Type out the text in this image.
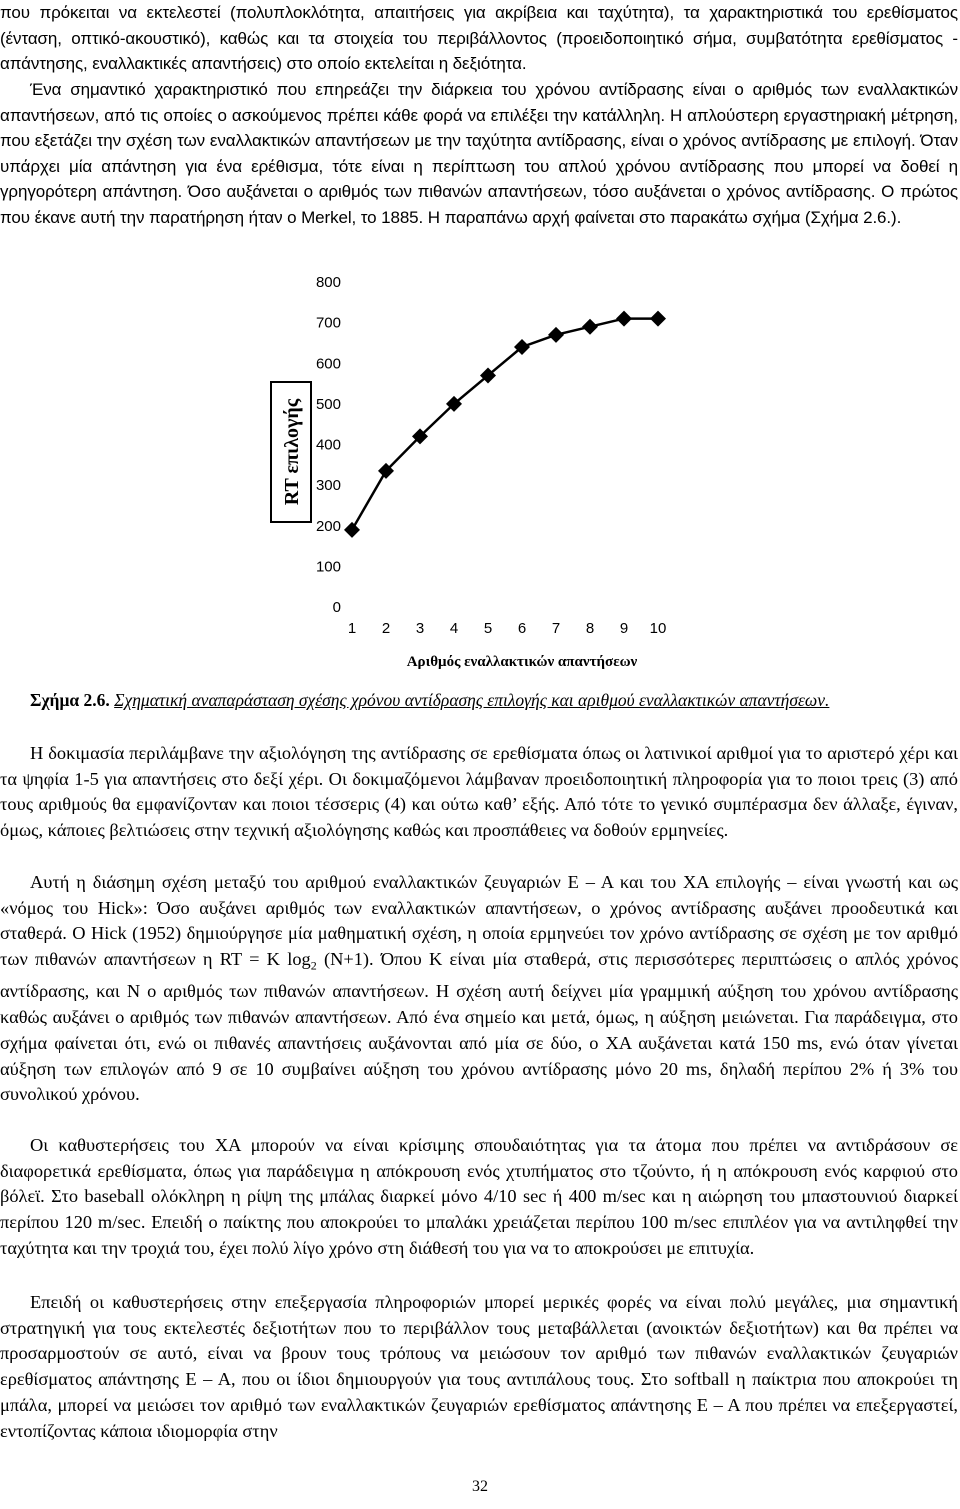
που πρόκειται να εκτελεστεί (πολυπλοκλότητα, απαιτήσεις για ακρίβεια και ταχύτητα), τα χαρακτηριστικά του ερεθίσματος (ένταση, οπτικό-ακουστικό), καθώς και τα στοιχεία του περιβάλλοντος (προειδοποιητικό σήμα, συμβατότητα ερεθίσματος - απάντησης, εναλλακτικές απαντήσεις) στο οποίο εκτελείται η δεξιότητα.

Ένα σημαντικό χαρακτηριστικό που επηρεάζει την διάρκεια του χρόνου αντίδρασης είναι ο αριθμός των εναλλακτικών απαντήσεων, από τις οποίες ο ασκούμενος πρέπει κάθε φορά να επιλέξει την κατάλληλη. Η απλούστερη εργαστηριακή μέτρηση, που εξετάζει την σχέση των εναλλακτικών απαντήσεων με την ταχύτητα αντίδρασης, είναι ο χρόνος αντίδρασης με επιλογή. Όταν υπάρχει μία απάντηση για ένα ερέθισμα, τότε είναι η περίπτωση του απλού χρόνου αντίδρασης που μπορεί να δοθεί η γρηγορότερη απάντηση. Όσο αυξάνεται ο αριθμός των πιθανών απαντήσεων, τόσο αυξάνεται ο χρόνος αντίδρασης. Ο πρώτος που έκανε αυτή την παρατήρηση ήταν ο Merkel, το 1885. Η παραπάνω αρχή φαίνεται στο παρακάτω σχήμα (Σχήμα 2.6.).

RT επιλογής
0
100
200
300
400
500
600
700
800
1 2 3 4 5 6 7 8 9 10
Αριθμός εναλλακτικών απαντήσεων
Σχήμα 2.6. Σχηματική αναπαράσταση σχέσης χρόνου αντίδρασης επιλογής και αριθμού εναλλακτικών απαντήσεων.

Η δοκιμασία περιλάμβανε την αξιολόγηση της αντίδρασης σε ερεθίσματα όπως οι λατινικοί αριθμοί για το αριστερό χέρι και τα ψηφία 1-5 για απαντήσεις στο δεξί χέρι. Οι δοκιμαζόμενοι λάμβαναν προειδοποιητική πληροφορία για το ποιοι τρεις (3) από τους αριθμούς θα εμφανίζονταν και ποιοι τέσσερις (4) και ούτω καθ’ εξής. Από τότε το γενικό συμπέρασμα δεν άλλαξε, έγιναν, όμως, κάποιες βελτιώσεις στην τεχνική αξιολόγησης καθώς και προσπάθειες να δοθούν ερμηνείες.

Αυτή η διάσημη σχέση μεταξύ του αριθμού εναλλακτικών ζευγαριών Ε – Α και του ΧΑ επιλογής – είναι γνωστή και ως «νόμος του Hick»: Όσο αυξάνει αριθμός των εναλλακτικών απαντήσεων, ο χρόνος αντίδρασης αυξάνει προοδευτικά και σταθερά. Ο Hick (1952) δημιούργησε μία μαθηματική σχέση, η οποία ερμηνεύει τον χρόνο αντίδρασης σε σχέση με τον αριθμό των πιθανών απαντήσεων η RT = K $\log_2 (N+1)$. Όπου K είναι μία σταθερά, στις περισσότερες περιπτώσεις ο απλός χρόνος αντίδρασης, και N ο αριθμός των πιθανών απαντήσεων. Η σχέση αυτή δείχνει μία γραμμική αύξηση του χρόνου αντίδρασης καθώς αυξάνει ο αριθμός των πιθανών απαντήσεων. Από ένα σημείο και μετά, όμως, η αύξηση μειώνεται. Για παράδειγμα, στο σχήμα φαίνεται ότι, ενώ οι πιθανές απαντήσεις αυξάνονται από μία σε δύο, ο ΧΑ αυξάνεται κατά 150 ms, ενώ όταν γίνεται αύξηση των επιλογών από 9 σε 10 συμβαίνει αύξηση του χρόνου αντίδρασης μόνο 20 ms, δηλαδή περίπου 2% ή 3% του συνολικού χρόνου.

Οι καθυστερήσεις του ΧΑ μπορούν να είναι κρίσιμης σπουδαιότητας για τα άτομα που πρέπει να αντιδράσουν σε διαφορετικά ερεθίσματα, όπως για παράδειγμα η απόκρουση ενός χτυπήματος στο τζούντο, ή η απόκρουση ενός καρφιού στο βόλεϊ. Στο baseball ολόκληρη η ρίψη της μπάλας διαρκεί μόνο 4/10 sec ή 400 m/sec και η αιώρηση του μπαστουνιού διαρκεί περίπου 120 m/sec. Επειδή ο παίκτης που αποκρούει το μπαλάκι χρειάζεται περίπου 100 m/sec επιπλέον για να αντιληφθεί την ταχύτητα και την τροχιά του, έχει πολύ λίγο χρόνο στη διάθεσή του για να το αποκρούσει με επιτυχία.

Επειδή οι καθυστερήσεις στην επεξεργασία πληροφοριών μπορεί μερικές φορές να είναι πολύ μεγάλες, μια σημαντική στρατηγική για τους εκτελεστές δεξιοτήτων που το περιβάλλον τους μεταβάλλεται (ανοικτών δεξιοτήτων) και θα πρέπει να προσαρμοστούν σε αυτό, είναι να βρουν τους τρόπους να μειώσουν τον αριθμό των πιθανών εναλλακτικών ζευγαριών ερεθίσματος απάντησης Ε – Α, που οι ίδιοι δημιουργούν για τους αντιπάλους τους. Στο softball η παίκτρια που αποκρούει τη μπάλα, μπορεί να μειώσει τον αριθμό των εναλλακτικών ζευγαριών ερεθίσματος απάντησης Ε – Α που πρέπει να επεξεργαστεί, εντοπίζοντας κάποια ιδιομορφία στην

32
